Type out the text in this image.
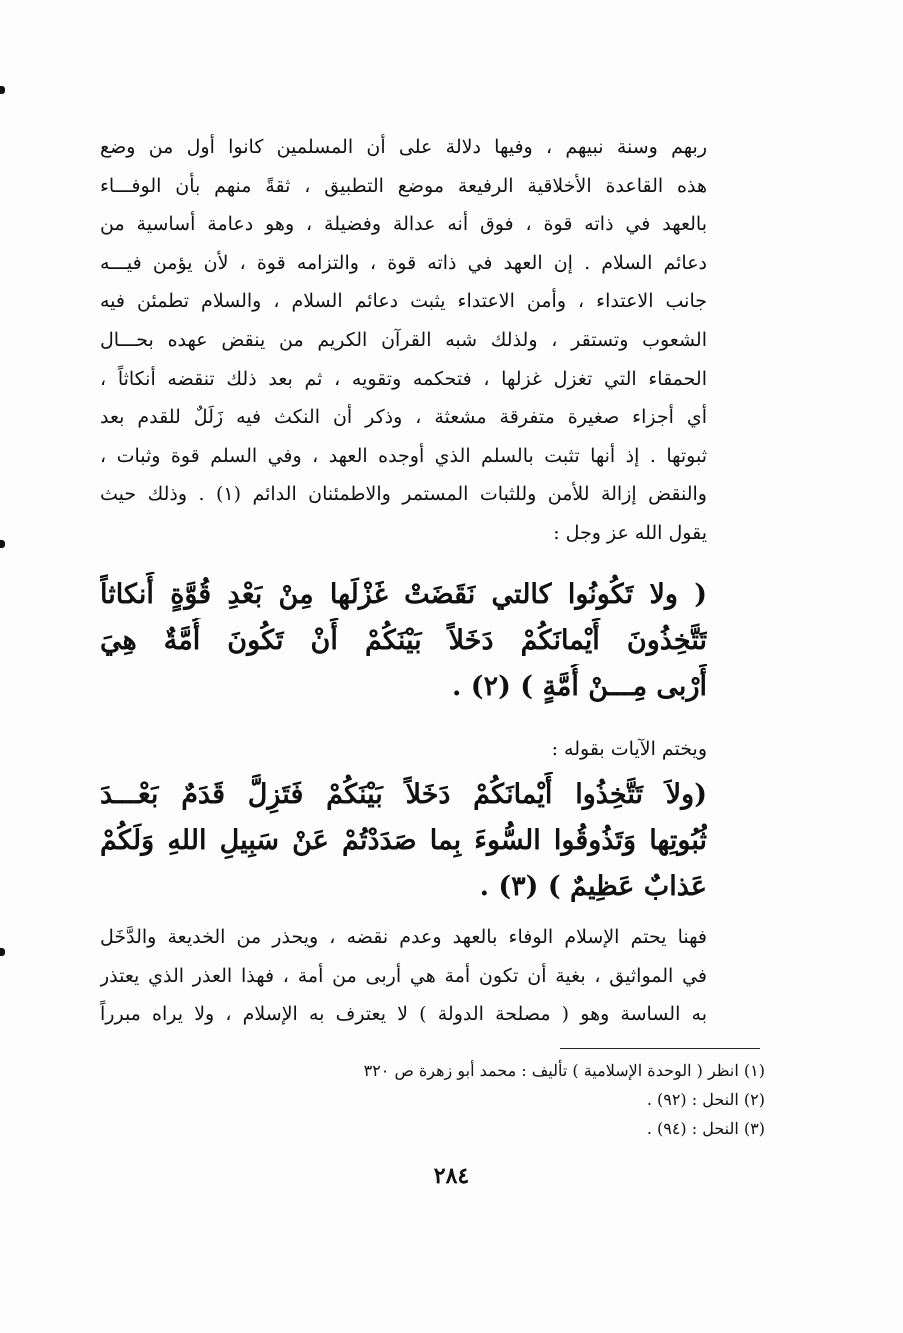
ربهم وسنة نبيهم ، وفيها دلالة على أن المسلمين كانوا أول من وضع
هذه القاعدة الأخلاقية الرفيعة موضع التطبيق ، ثقةً منهم بأن الوفـــاء
بالعهد في ذاته قوة ، فوق أنه عدالة وفضيلة ، وهو دعامة أساسية من
دعائم السلام . إن العهد في ذاته قوة ، والتزامه قوة ، لأن يؤمن فيـــه
جانب الاعتداء ، وأمن الاعتداء يثبت دعائم السلام ، والسلام تطمئن فيه
الشعوب وتستقر ، ولذلك شبه القرآن الكريم من ينقض عهده بحـــال
الحمقاء التي تغزل غزلها ، فتحكمه وتقويه ، ثم بعد ذلك تنقضه أنكاثاً ،
أي أجزاء صغيرة متفرقة مشعثة ، وذكر أن النكث فيه زَلَلٌ للقدم بعد
ثبوتها . إذ أنها تثبت بالسلم الذي أوجده العهد ، وفي السلم قوة وثبات ،
والنقض إزالة للأمن وللثبات المستمر والاطمئنان الدائم (١) . وذلك حيث
يقول الله عز وجل :
( ولا تَكُونُوا كالتي نَقَضَتْ غَزْلَها مِنْ بَعْدِ قُوَّةٍ أَنكاثاً
تَتَّخِذُونَ أَيْمانَكُمْ دَخَلاً بَيْنَكُمْ أَنْ تَكُونَ أُمَّةٌ هِيَ
أَرْبى مِـــنْ أُمَّةٍ ) (٢) .
ويختم الآيات بقوله :
(ولاَ تَتَّخِذُوا أَيْمانَكُمْ دَخَلاً بَيْنَكُمْ فَتَزِلَّ قَدَمٌ بَعْـــدَ
ثُبُوتِها وَتَذُوقُوا السُّوءَ بِما صَدَدْتُمْ عَنْ سَبِيلِ اللهِ وَلَكُمْ
عَذابٌ عَظِيمٌ ) (٣) .
فهنا يحتم الإسلام الوفاء بالعهد وعدم نقضه ، ويحذر من الخديعة والدَّخَل
في المواثيق ، بغية أن تكون أمة هي أربى من أمة ، فهذا العذر الذي يعتذر
به الساسة وهو ( مصلحة الدولة ) لا يعترف به الإسلام ، ولا يراه مبرراً
(١) انظر ( الوحدة الإسلامية ) تأليف : محمد أبو زهرة ص ٣٢٠
(٢) النحل : (٩٢) .
(٣) النحل : (٩٤) .
٢٨٤
